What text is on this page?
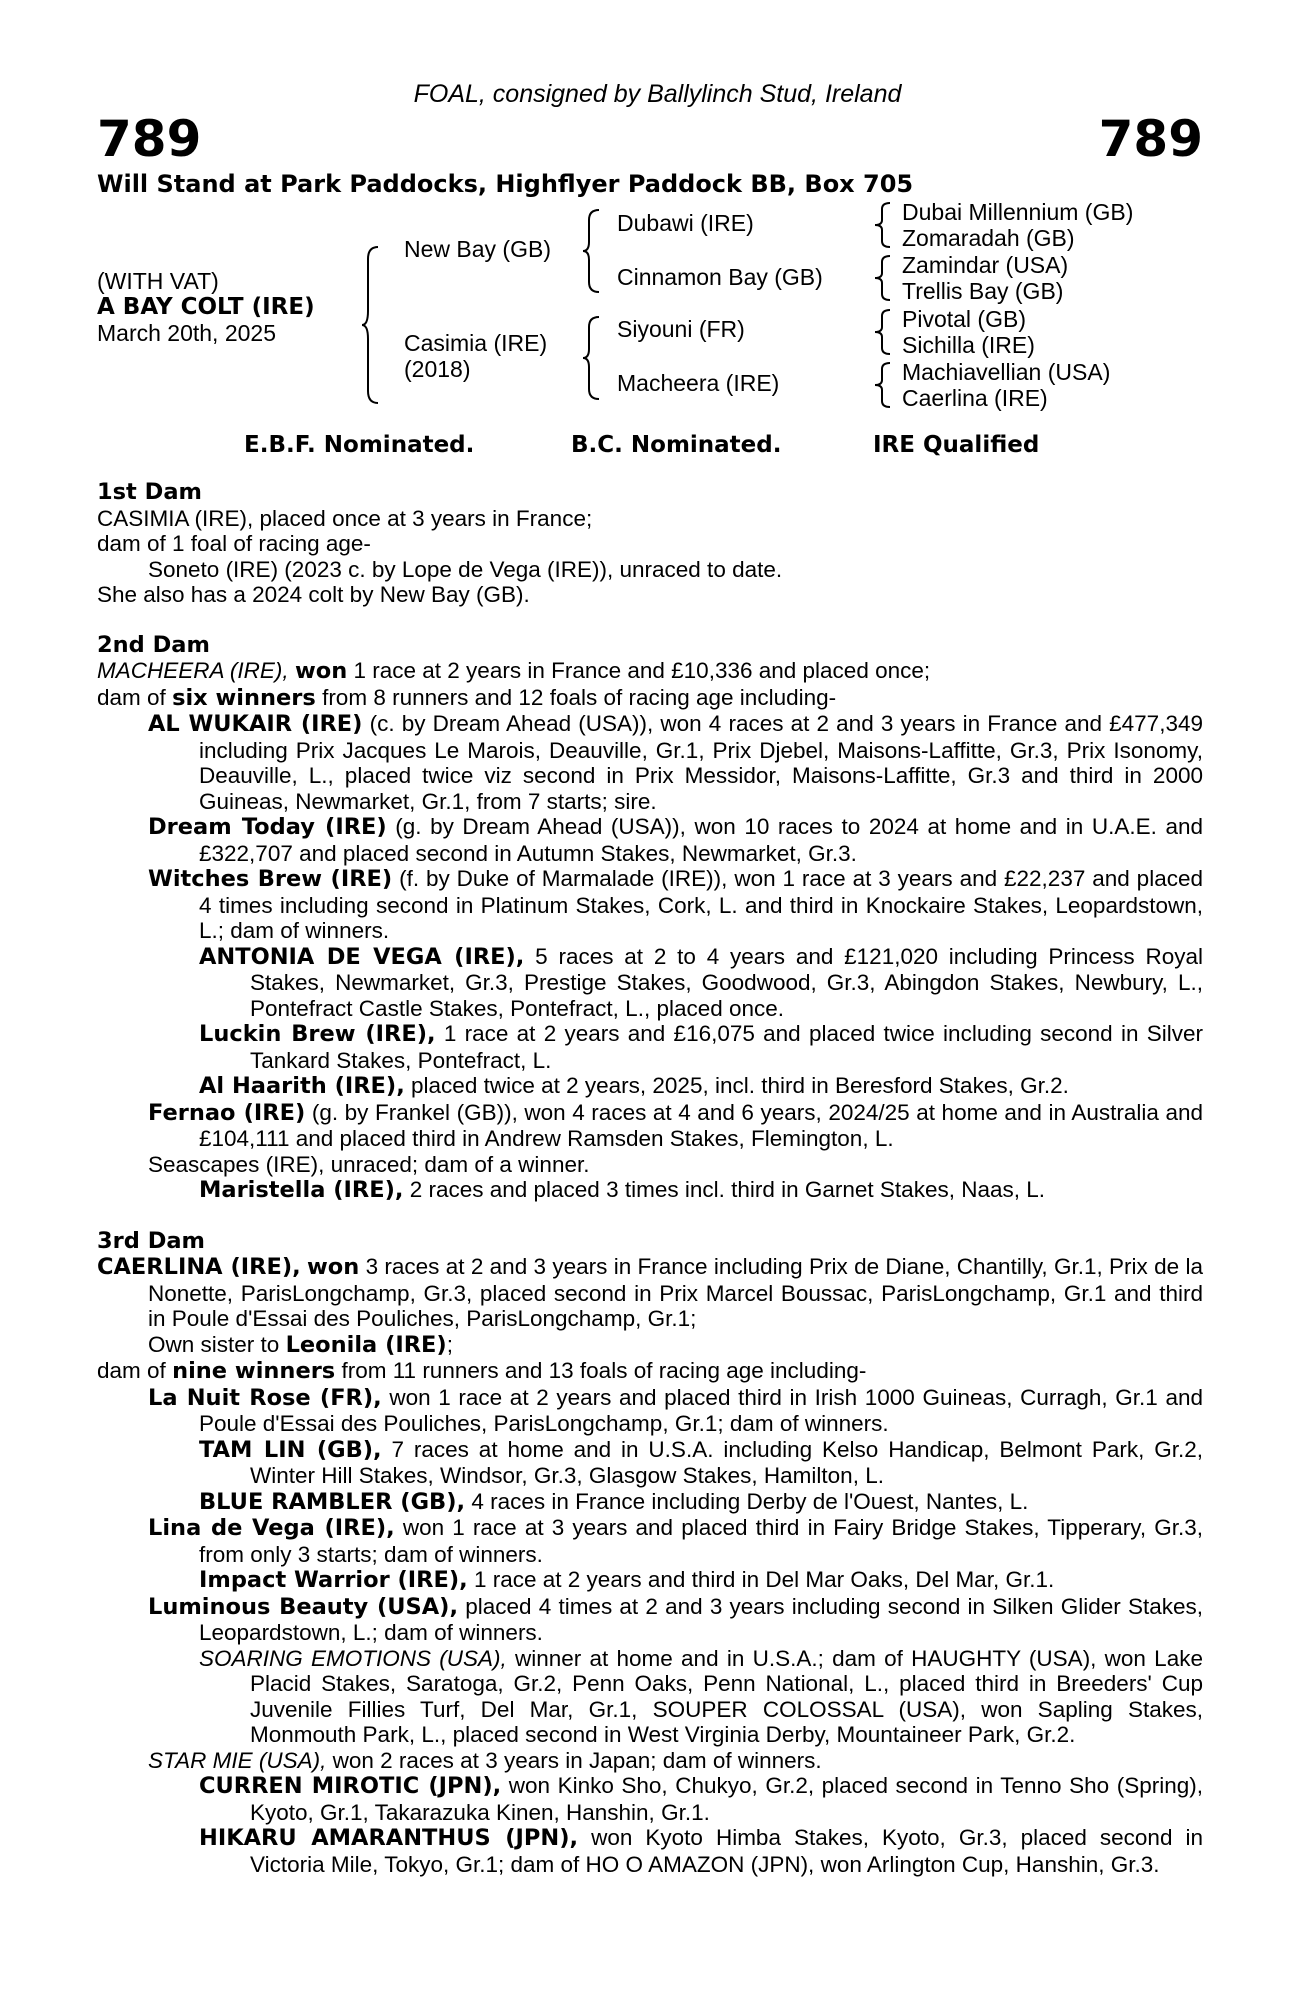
FOAL, consigned by Ballylinch Stud, Ireland
789	789
Will Stand at Park Paddocks, Highflyer Paddock BB, Box 705
(WITH VAT)
A BAY COLT (IRE)
March 20th, 2025
New Bay (GB)
Casimia (IRE)
(2018)
Dubawi (IRE)
Cinnamon Bay (GB)
Siyouni (FR)
Macheera (IRE)
Dubai Millennium (GB)
Zomaradah (GB)
Zamindar (USA)
Trellis Bay (GB)
Pivotal (GB)
Sichilla (IRE)
Machiavellian (USA)
Caerlina (IRE)
E.B.F. Nominated.	B.C. Nominated.	IRE Qualified

1st Dam

CASIMIA (IRE), placed once at 3 years in France;

dam of 1 foal of racing age-

Soneto (IRE) (2023 c. by Lope de Vega (IRE)), unraced to date.

She also has a 2024 colt by New Bay (GB).

2nd Dam

MACHEERA (IRE), won 1 race at 2 years in France and £10,336 and placed once;

dam of six winners from 8 runners and 12 foals of racing age including-

AL WUKAIR (IRE) (c. by Dream Ahead (USA)), won 4 races at 2 and 3 years in France and £477,349 including Prix Jacques Le Marois, Deauville, Gr.1, Prix Djebel, Maisons-Laffitte, Gr.3, Prix Isonomy, Deauville, L., placed twice viz second in Prix Messidor, Maisons-Laffitte, Gr.3 and third in 2000 Guineas, Newmarket, Gr.1, from 7 starts; sire.

Dream Today (IRE) (g. by Dream Ahead (USA)), won 10 races to 2024 at home and in U.A.E. and £322,707 and placed second in Autumn Stakes, Newmarket, Gr.3.

Witches Brew (IRE) (f. by Duke of Marmalade (IRE)), won 1 race at 3 years and £22,237 and placed 4 times including second in Platinum Stakes, Cork, L. and third in Knockaire Stakes, Leopardstown, L.; dam of winners.

ANTONIA DE VEGA (IRE), 5 races at 2 to 4 years and £121,020 including Princess Royal Stakes, Newmarket, Gr.3, Prestige Stakes, Goodwood, Gr.3, Abingdon Stakes, Newbury, L., Pontefract Castle Stakes, Pontefract, L., placed once.

Luckin Brew (IRE), 1 race at 2 years and £16,075 and placed twice including second in Silver Tankard Stakes, Pontefract, L.

Al Haarith (IRE), placed twice at 2 years, 2025, incl. third in Beresford Stakes, Gr.2.

Fernao (IRE) (g. by Frankel (GB)), won 4 races at 4 and 6 years, 2024/25 at home and in Australia and £104,111 and placed third in Andrew Ramsden Stakes, Flemington, L.

Seascapes (IRE), unraced; dam of a winner.

Maristella (IRE), 2 races and placed 3 times incl. third in Garnet Stakes, Naas, L.

3rd Dam

CAERLINA (IRE), won 3 races at 2 and 3 years in France including Prix de Diane, Chantilly, Gr.1, Prix de la Nonette, ParisLongchamp, Gr.3, placed second in Prix Marcel Boussac, ParisLongchamp, Gr.1 and third in Poule d'Essai des Pouliches, ParisLongchamp, Gr.1;
Own sister to Leonila (IRE);

dam of nine winners from 11 runners and 13 foals of racing age including-

La Nuit Rose (FR), won 1 race at 2 years and placed third in Irish 1000 Guineas, Curragh, Gr.1 and Poule d'Essai des Pouliches, ParisLongchamp, Gr.1; dam of winners.

TAM LIN (GB), 7 races at home and in U.S.A. including Kelso Handicap, Belmont Park, Gr.2, Winter Hill Stakes, Windsor, Gr.3, Glasgow Stakes, Hamilton, L.

BLUE RAMBLER (GB), 4 races in France including Derby de l'Ouest, Nantes, L.

Lina de Vega (IRE), won 1 race at 3 years and placed third in Fairy Bridge Stakes, Tipperary, Gr.3, from only 3 starts; dam of winners.

Impact Warrior (IRE), 1 race at 2 years and third in Del Mar Oaks, Del Mar, Gr.1.

Luminous Beauty (USA), placed 4 times at 2 and 3 years including second in Silken Glider Stakes, Leopardstown, L.; dam of winners.

SOARING EMOTIONS (USA), winner at home and in U.S.A.; dam of HAUGHTY (USA), won Lake Placid Stakes, Saratoga, Gr.2, Penn Oaks, Penn National, L., placed third in Breeders' Cup Juvenile Fillies Turf, Del Mar, Gr.1, SOUPER COLOSSAL (USA), won Sapling Stakes, Monmouth Park, L., placed second in West Virginia Derby, Mountaineer Park, Gr.2.

STAR MIE (USA), won 2 races at 3 years in Japan; dam of winners.

CURREN MIROTIC (JPN), won Kinko Sho, Chukyo, Gr.2, placed second in Tenno Sho (Spring), Kyoto, Gr.1, Takarazuka Kinen, Hanshin, Gr.1.

HIKARU AMARANTHUS (JPN), won Kyoto Himba Stakes, Kyoto, Gr.3, placed second in Victoria Mile, Tokyo, Gr.1; dam of HO O AMAZON (JPN), won Arlington Cup, Hanshin, Gr.3.
